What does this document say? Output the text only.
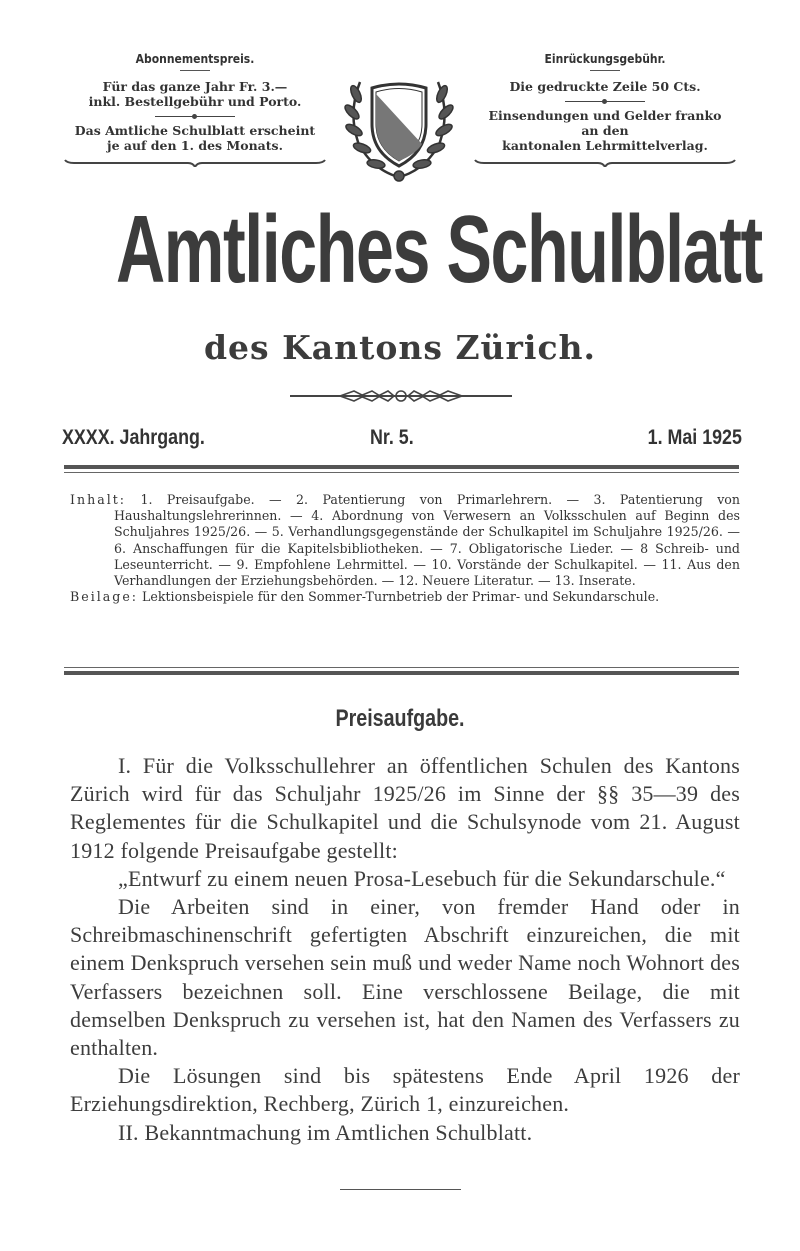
Abonnementspreis.
Für das ganze Jahr Fr. 3.—
inkl. Bestellgebühr und Porto.
Das Amtliche Schulblatt erscheint
je auf den 1. des Monats.
Einrückungsgebühr.
Die gedruckte Zeile 50 Cts.
Einsendungen und Gelder franko
an den
kantonalen Lehrmittelverlag.
Amtliches Schulblatt
des Kantons Zürich.
XXXX. Jahrgang.	Nr. 5.	1. Mai 1925

Inhalt: 1. Preisaufgabe. — 2. Patentierung von Primarlehrern. — 3. Patentierung von Haushaltungslehrerinnen. — 4. Abordnung von Verwesern an Volksschulen auf Beginn des Schuljahres 1925/26. — 5. Verhandlungsgegenstände der Schulkapitel im Schuljahre 1925/26. — 6. Anschaffungen für die Kapitelsbibliotheken. — 7. Obligatorische Lieder. — 8 Schreib- und Leseunterricht. — 9. Empfohlene Lehrmittel. — 10. Vorstände der Schulkapitel. — 11. Aus den Verhandlungen der Erziehungsbehörden. — 12. Neuere Literatur. — 13. Inserate.

Beilage: Lektionsbeispiele für den Sommer-Turnbetrieb der Primar- und Sekundarschule.

Preisaufgabe.

I. Für die Volksschullehrer an öffentlichen Schulen des Kantons Zürich wird für das Schuljahr 1925/26 im Sinne der §§ 35—39 des Reglementes für die Schulkapitel und die Schulsynode vom 21. August 1912 folgende Preisaufgabe gestellt:

„Entwurf zu einem neuen Prosa-Lesebuch für die Sekundarschule.“

Die Arbeiten sind in einer, von fremder Hand oder in Schreibmaschinenschrift gefertigten Abschrift einzureichen, die mit einem Denkspruch versehen sein muß und weder Name noch Wohnort des Verfassers bezeichnen soll. Eine verschlossene Beilage, die mit demselben Denkspruch zu versehen ist, hat den Namen des Verfassers zu enthalten.

Die Lösungen sind bis spätestens Ende April 1926 der Erziehungsdirektion, Rechberg, Zürich 1, einzureichen.

II. Bekanntmachung im Amtlichen Schulblatt.
